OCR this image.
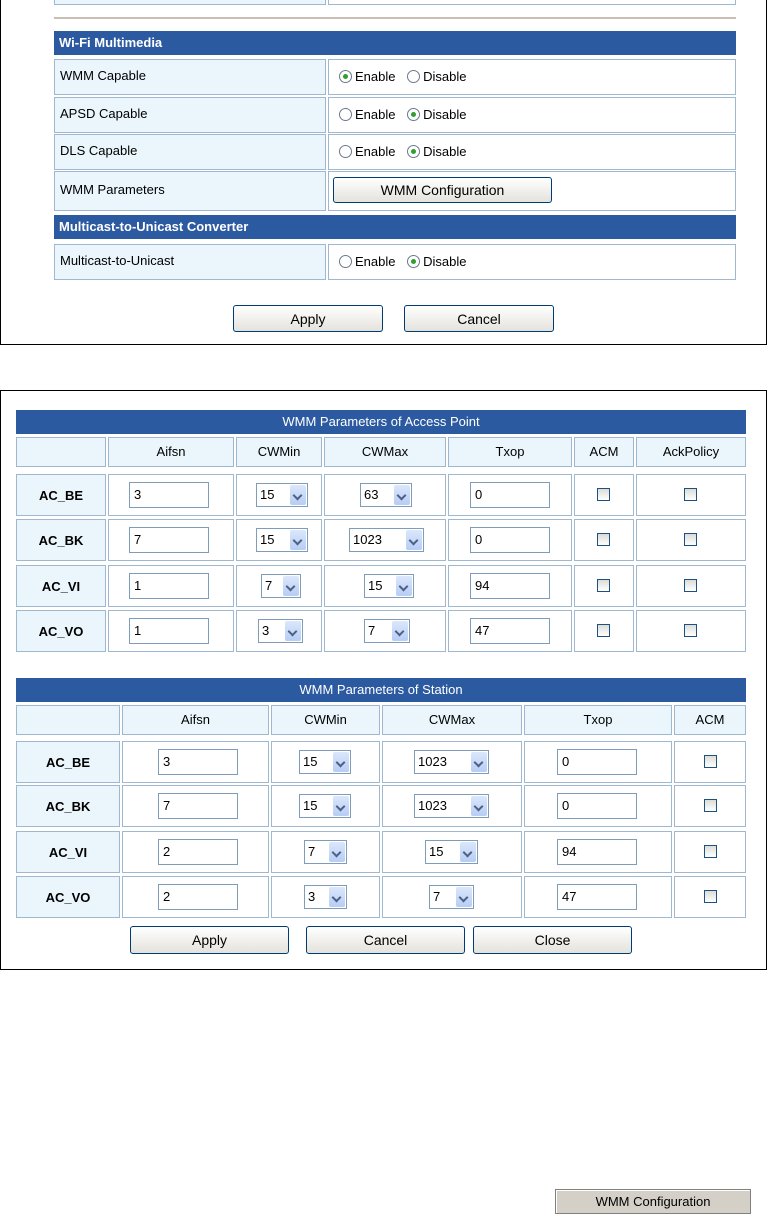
Wi-Fi Multimedia
WMM Capable	Enable Disable
APSD Capable	Enable Disable
DLS Capable	Enable Disable
WMM Parameters	WMM Configuration
Multicast-to-Unicast Converter
Multicast-to-Unicast	Enable Disable
Apply	Cancel
Apply	Cancel	Close
WMM Configuration
WMM Parameters of Access Point
Aifsn	CWMin	CWMax	Txop	ACM	AckPolicy
AC_BE	3	15	63	0
AC_BK	7	15	1023	0
AC_VI	1	7	15	94
AC_VO	1	3	7	47
WMM Parameters of Station
Aifsn	CWMin	CWMax	Txop	ACM
AC_BE	3	15	1023	0
AC_BK	7	15	1023	0
AC_VI	2	7	15	94
AC_VO	2	3	7	47
